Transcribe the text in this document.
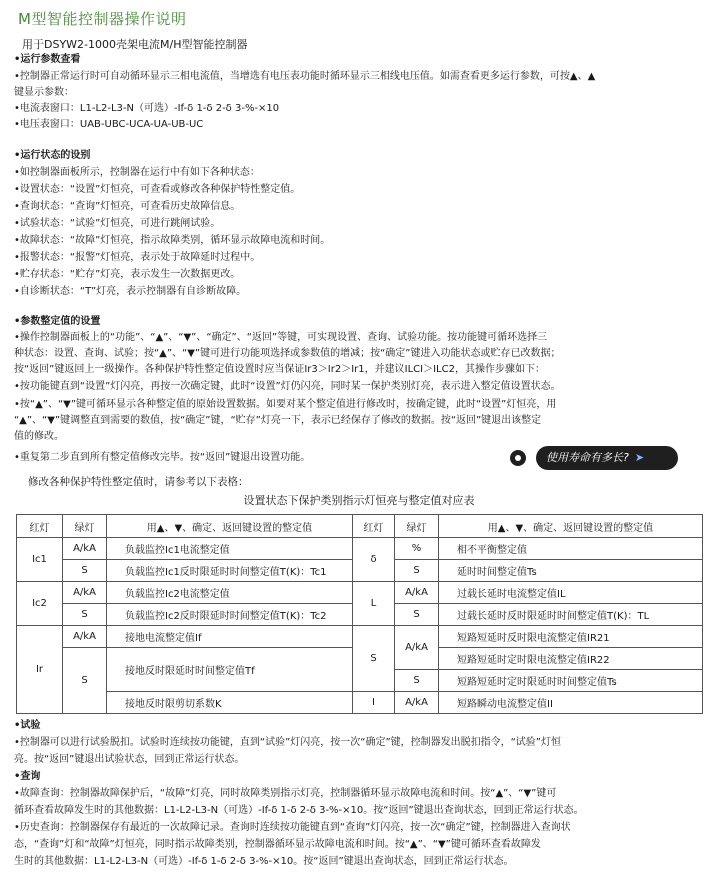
M型智能控制器操作说明
用于DSYW2-1000壳架电流M/H型智能控制器
•运行参数查看
•控制器正常运行时可自动循环显示三相电流值，当增选有电压表功能时循环显示三相线电压值。如需查看更多运行参数，可按▲、▲
键显示参数：
•电流表窗口：L1-L2-L3-N（可选）-If-δ 1-δ 2-δ 3-%-×10
•电压表窗口：UAB-UBC-UCA-UA-UB-UC
•运行状态的设别
•如控制器面板所示，控制器在运行中有如下各种状态：
•设置状态：“设置”灯恒亮，可查看或修改各种保护特性整定值。
•查询状态：“查询”灯恒亮，可查看历史故障信息。
•试验状态：“试验”灯恒亮，可进行跳闸试验。
•故障状态：“故障”灯恒亮，指示故障类别，循环显示故障电流和时间。
•报警状态：“报警”灯恒亮，表示处于故障延时过程中。
•贮存状态：“贮存”灯亮，表示发生一次数据更改。
•自诊断状态：“T”灯亮，表示控制器有自诊断故障。
•参数整定值的设置
•操作控制器面板上的“功能”、“▲”、“▼”、“确定”、“返回”等键，可实现设置、查询、试验功能。按功能键可循环选择三
种状态：设置、查询、试验；按“▲”、“▼”键可进行功能项选择或参数值的增减；按“确定”键进入功能状态或贮存已改数据；
按“返回”键返回上一级操作。各种保护特性整定值设置时应当保证Ir3＞Ir2＞Ir1，并建议ILCI＞ILC2，其操作步骤如下：
•按功能键直到“设置”灯闪亮，再按一次确定键，此时“设置”灯仍闪亮，同时某一保护类别灯亮，表示进入整定值设置状态。
•按“▲”、“▼”键可循环显示各种整定值的原始设置数据。如要对某个整定值进行修改时，按确定键，此时“设置”灯恒亮，用
“▲”、“▼”键调整直到需要的数值，按“确定”键，“贮存”灯亮一下，表示已经保存了修改的数据。按“返回”键退出该整定
值的修改。
•重复第二步直到所有整定值修改完毕。按“返回”键退出设置功能。	使用寿命有多长? ➤
修改各种保护特性整定值时，请参考以下表格：
设置状态下保护类别指示灯恒亮与整定值对应表
红灯	绿灯	用▲、▼、确定、返回键设置的整定值	红灯	绿灯	用▲、▼、确定、返回键设置的整定值
Ic1	A/kA	负载监控Ic1电流整定值	δ	%	相不平衡整定值
	S	负载监控Ic1反时限延时时间整定值T(K)：Tc1		S	延时时间整定值Ts
Ic2	A/kA	负载监控Ic2电流整定值	L	A/kA	过载长延时电流整定值IL
	S	负载监控Ic2反时限延时时间整定值T(K)：Tc2		S	过载长延时反时限延时时间整定值T(K)：TL
Ir	A/kA	接地电流整定值If	S	A/kA	短路短延时反时限电流整定值IR21
	S	接地反时限延时时间整定值Tf			短路短延时定时限电流整定值IR22
				S	短路短延时定时限延时时间整定值Ts
		接地反时限剪切系数K	I	A/kA	短路瞬动电流整定值II
•试验
•控制器可以进行试验脱扣。试验时连续按功能键，直到“试验”灯闪亮，按一次“确定”键，控制器发出脱扣指令，“试验”灯恒
亮。按“返回”键退出试验状态，回到正常运行状态。
•查询
•故障查询：控制器故障保护后，“故障”灯亮，同时故障类别指示灯亮，控制器循环显示故障电流和时间。按“▲”、“▼”键可
循环查看故障发生时的其他数据：L1-L2-L3-N（可选）-If-δ 1-δ 2-δ 3-%-×10。按“返回”键退出查询状态，回到正常运行状态。
•历史查询：控制器保存有最近的一次故障记录。查询时连续按功能键直到“查询”灯闪亮，按一次“确定”键，控制器进入查询状
态，“查询”灯和“故障”灯恒亮，同时指示故障类别，控制器循环显示故障电流和时间。按“▲”、“▼”键可循环查看故障发
生时的其他数据：L1-L2-L3-N（可选）-If-δ 1-δ 2-δ 3-%-×10。按“返回”键退出查询状态，回到正常运行状态。
